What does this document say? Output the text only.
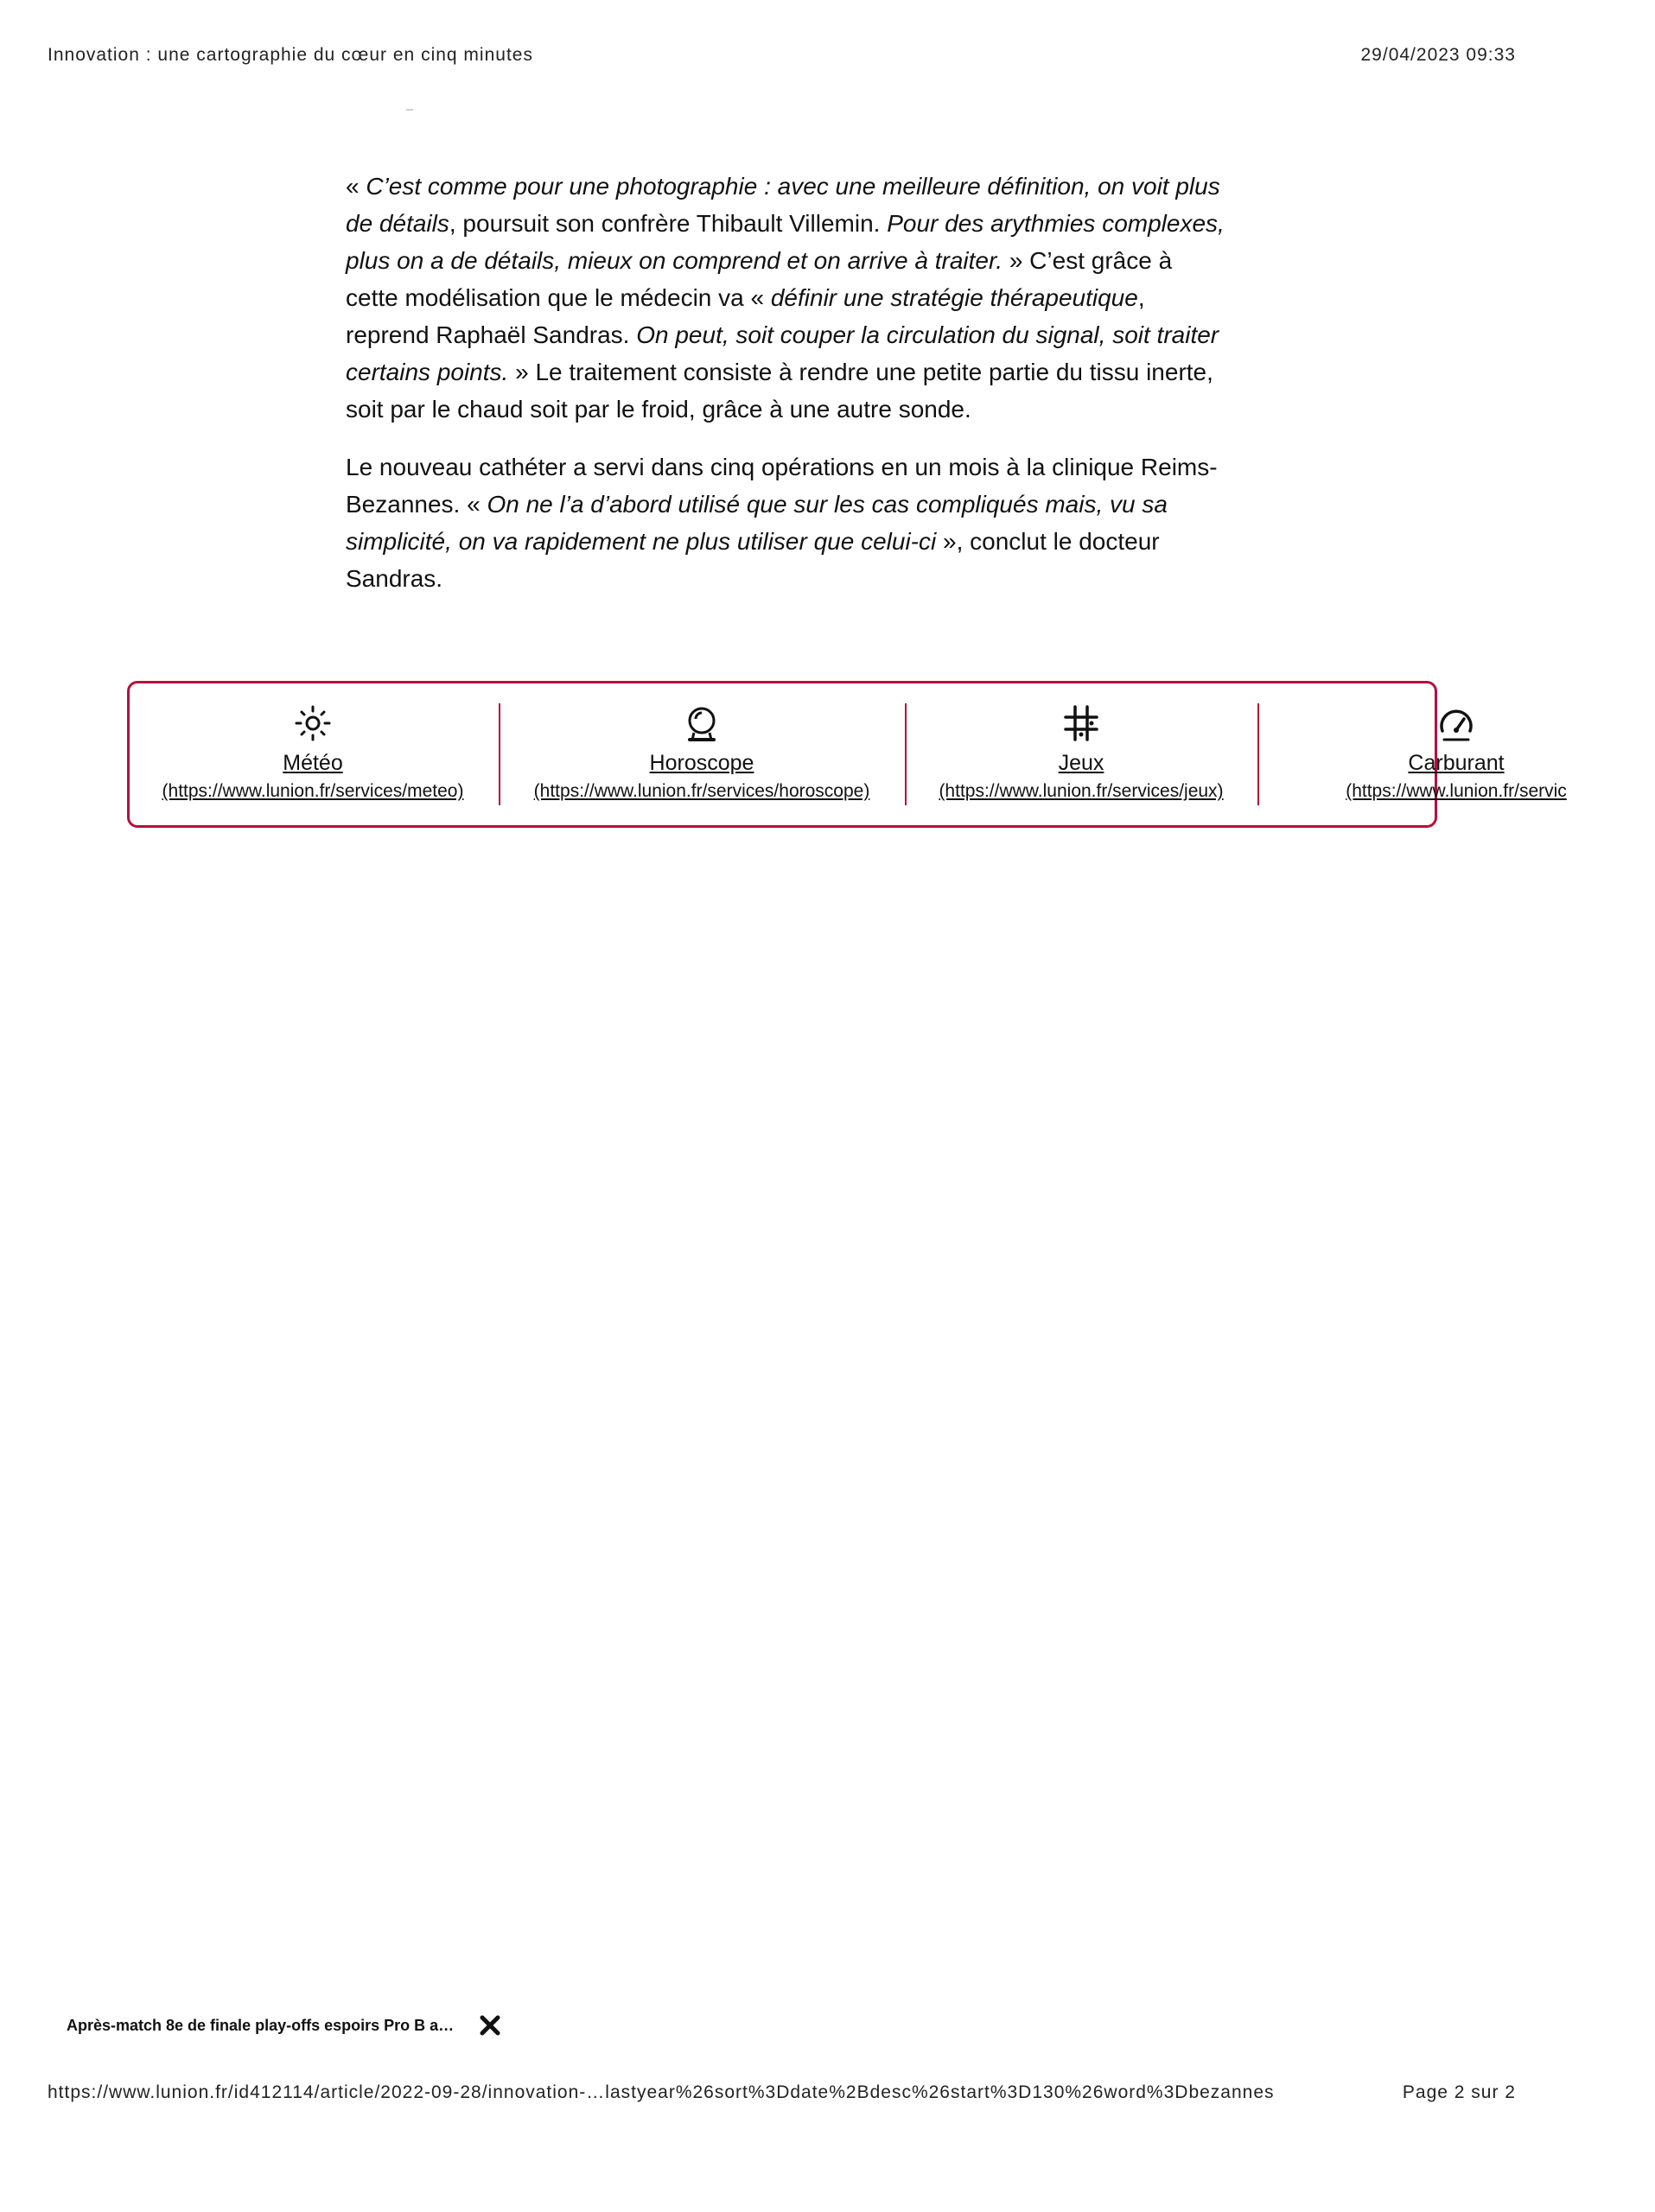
Innovation : une cartographie du cœur en cinq minutes	29/04/2023 09:33

« C’est comme pour une photographie : avec une meilleure définition, on voit plus de détails, poursuit son confrère Thibault Villemin. Pour des arythmies complexes, plus on a de détails, mieux on comprend et on arrive à traiter. » C’est grâce à cette modélisation que le médecin va « définir une stratégie thérapeutique, reprend Raphaël Sandras. On peut, soit couper la circulation du signal, soit traiter certains points. » Le traitement consiste à rendre une petite partie du tissu inerte, soit par le chaud soit par le froid, grâce à une autre sonde.

Le nouveau cathéter a servi dans cinq opérations en un mois à la clinique Reims-Bezannes. « On ne l’a d’abord utilisé que sur les cas compliqués mais, vu sa simplicité, on va rapidement ne plus utiliser que celui-ci », conclut le docteur Sandras.

Météo
(https://www.lunion.fr/services/meteo)
Horoscope
(https://www.lunion.fr/services/horoscope)
Jeux
(https://www.lunion.fr/services/jeux)
Carburant
(https://www.lunion.fr/servic
Après-match 8e de finale play-offs espoirs Pro B a…
https://www.lunion.fr/id412114/article/2022-09-28/innovation-…lastyear%26sort%3Ddate%2Bdesc%26start%3D130%26word%3Dbezannes	Page 2 sur 2
